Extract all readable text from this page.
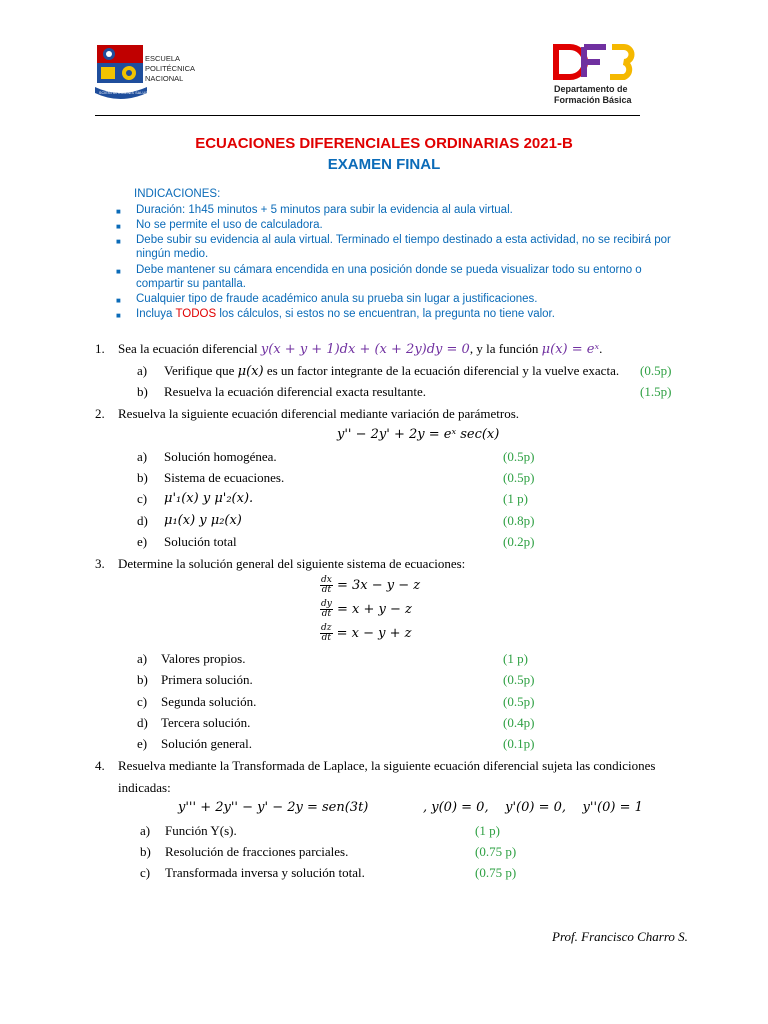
ESCUELA
POLITÉCNICA
NACIONAL
SCIENTIA HOMINIS SALUS	Departamento de
Formación Básica
ECUACIONES DIFERENCIALES ORDINARIAS 2021-B
EXAMEN FINAL
INDICACIONES:
■ Duración: 1h45 minutos + 5 minutos para subir la evidencia al aula virtual.
■ No se permite el uso de calculadora.
■ Debe subir su evidencia al aula virtual. Terminado el tiempo destinado a esta actividad, no se recibirá por
ningún medio.
■ Debe mantener su cámara encendida en una posición donde se pueda visualizar todo su entorno o
compartir su pantalla.
■ Cualquier tipo de fraude académico anula su prueba sin lugar a justificaciones.
■ Incluya TODOS los cálculos, si estos no se encuentran, la pregunta no tiene valor.
1. Sea la ecuación diferencial y(x + y + 1)dx + (x + 2y)dy = 0, y la función μ(x) = eˣ.
a) Verifique que μ(x) es un factor integrante de la ecuación diferencial y la vuelve exacta. (0.5p)
b) Resuelva la ecuación diferencial exacta resultante.	(1.5p)
2. Resuelva la siguiente ecuación diferencial mediante variación de parámetros.
y'' − 2y' + 2y = eˣ sec(x)
a) Solución homogénea.	(0.5p)
b) Sistema de ecuaciones.	(0.5p)
c) μ'₁(x) y μ'₂(x).	(1 p)
d) μ₁(x) y μ₂(x)	(0.8p)
e) Solución total	(0.2p)
3. Determine la solución general del siguiente sistema de ecuaciones:
$\frac{dx}{dt} = 3x - y - z$
$\frac{dy}{dt} = x + y - z$
$\frac{dz}{dt} = x - y + z$
a) Valores propios.	(1 p)
b) Primera solución.	(0.5p)
c) Segunda solución.	(0.5p)
d) Tercera solución.	(0.4p)
e) Solución general.	(0.1p)
4. Resuelva mediante la Transformada de Laplace, la siguiente ecuación diferencial sujeta las condiciones
indicadas:
y''' + 2y'' − y' − 2y = sen(3t)	, y(0) = 0,    y'(0) = 0,    y''(0) = 1
a) Función Y(s).	(1 p)
b) Resolución de fracciones parciales.	(0.75 p)
c) Transformada inversa y solución total.	(0.75 p)
Prof. Francisco Charro S.
